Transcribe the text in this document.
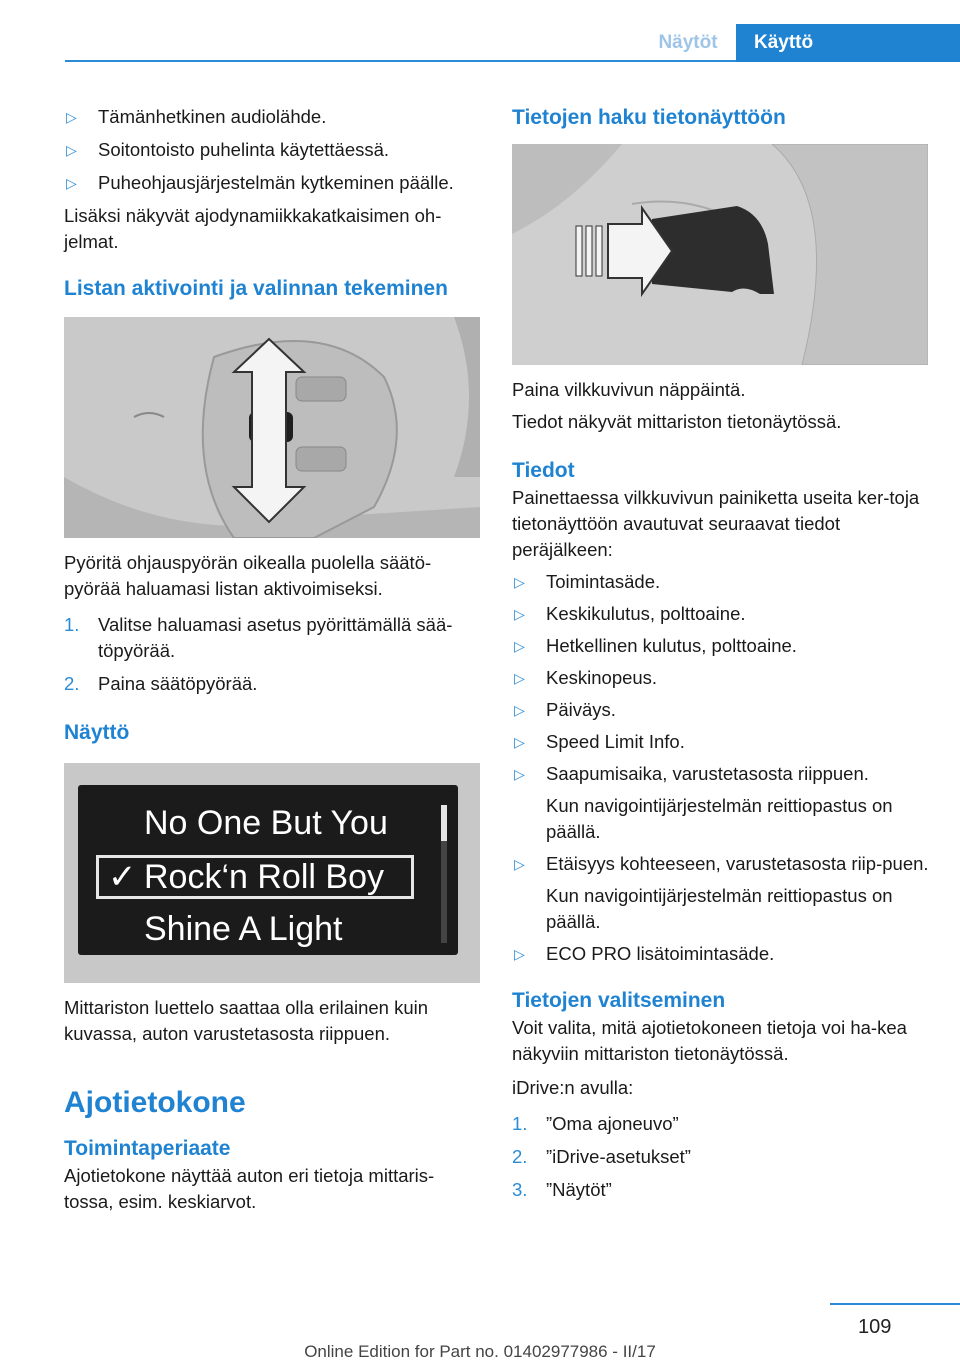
Näytöt	Käyttö
▷ Tämänhetkinen audiolähde.
▷ Soitontoisto puhelinta käytettäessä.
▷ Puheohjausjärjestelmän kytkeminen päälle.

Lisäksi näkyvät ajodynamiikkakatkaisimen oh-jelmat.

Listan aktivointi ja valinnan tekeminen

Pyöritä ohjauspyörän oikealla puolella säätö-pyörää haluamasi listan aktivoimiseksi.

1. Valitse haluamasi asetus pyörittämällä sää-töpyörää.
2. Paina säätöpyörää.
Näyttö
No One But You
✓ Rock‘n Roll Boy
Shine A Light

Mittariston luettelo saattaa olla erilainen kuin kuvassa, auton varustetasosta riippuen.

Ajotietokone
Toimintaperiaate

Ajotietokone näyttää auton eri tietoja mittaris-tossa, esim. keskiarvot.

Tietojen haku tietonäyttöön

Paina vilkkuvivun näppäintä.

Tiedot näkyvät mittariston tietonäytössä.

Tiedot

Painettaessa vilkkuvivun painiketta useita ker-toja tietonäyttöön avautuvat seuraavat tiedot peräjälkeen:

▷ Toimintasäde.
▷ Keskikulutus, polttoaine.
▷ Hetkellinen kulutus, polttoaine.
▷ Keskinopeus.
▷ Päiväys.
▷ Speed Limit Info.
▷ Saapumisaika, varustetasosta riippuen.

Kun navigointijärjestelmän reittiopastus on päällä.

▷ Etäisyys kohteeseen, varustetasosta riip-puen.

Kun navigointijärjestelmän reittiopastus on päällä.

▷ ECO PRO lisätoimintasäde.
Tietojen valitseminen

Voit valita, mitä ajotietokoneen tietoja voi ha-kea näkyviin mittariston tietonäytössä.

iDrive:n avulla:

1. ”Oma ajoneuvo”
2. ”iDrive-asetukset”
3. ”Näytöt”
109
Online Edition for Part no. 01402977986 - II/17
